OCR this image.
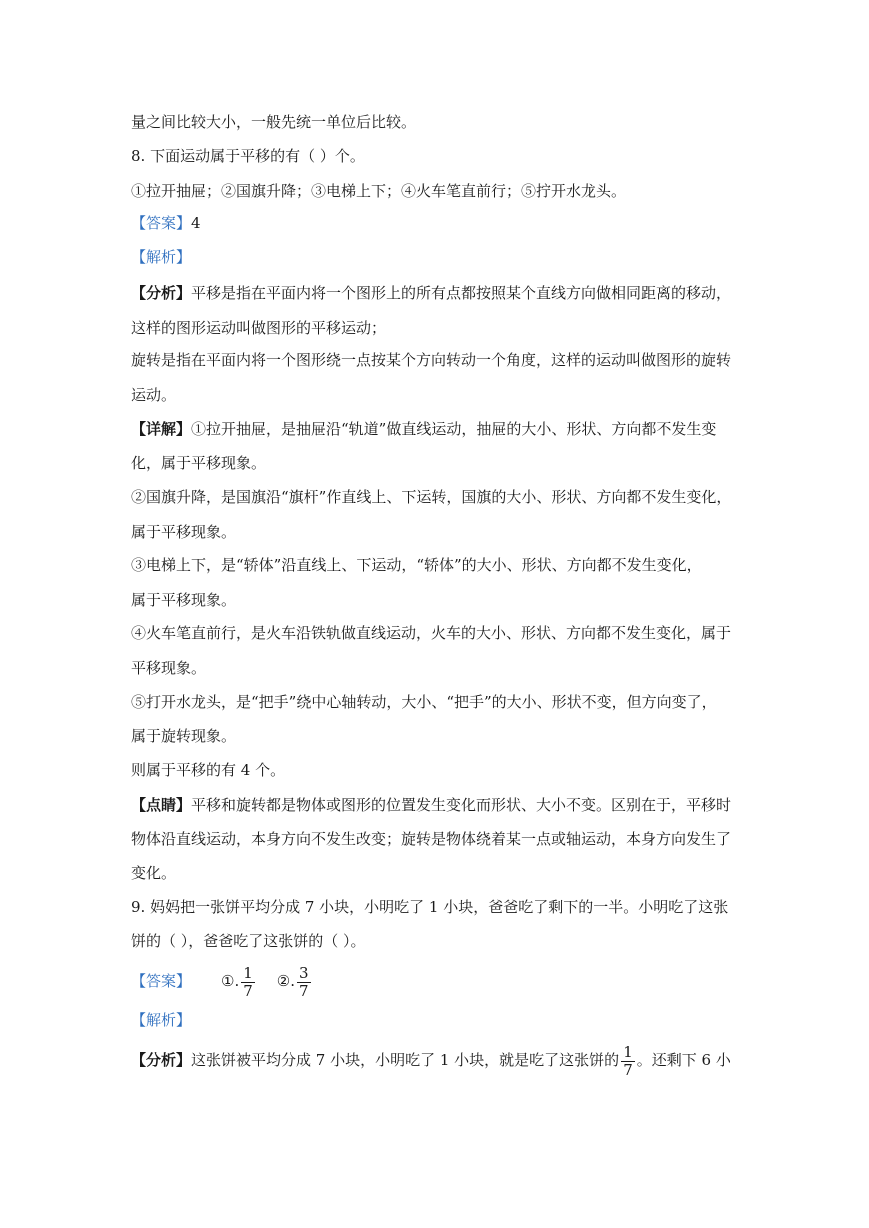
量之间比较大小，一般先统一单位后比较。
8. 下面运动属于平移的有（ ）个。
①拉开抽屉；②国旗升降；③电梯上下；④火车笔直前行；⑤拧开水龙头。
【答案】4
【解析】
【分析】平移是指在平面内将一个图形上的所有点都按照某个直线方向做相同距离的移动，
这样的图形运动叫做图形的平移运动；
旋转是指在平面内将一个图形绕一点按某个方向转动一个角度，这样的运动叫做图形的旋转
运动。
【详解】①拉开抽屉，是抽屉沿“轨道”做直线运动，抽屉的大小、形状、方向都不发生变
化，属于平移现象。
②国旗升降，是国旗沿“旗杆”作直线上、下运转，国旗的大小、形状、方向都不发生变化，
属于平移现象。
③电梯上下，是“轿体”沿直线上、下运动，“轿体”的大小、形状、方向都不发生变化，
属于平移现象。
④火车笔直前行，是火车沿铁轨做直线运动，火车的大小、形状、方向都不发生变化，属于
平移现象。
⑤打开水龙头，是“把手”绕中心轴转动，大小、“把手”的大小、形状不变，但方向变了，
属于旋转现象。
则属于平移的有 4 个。
【点睛】平移和旋转都是物体或图形的位置发生变化而形状、大小不变。区别在于，平移时
物体沿直线运动，本身方向不发生改变；旋转是物体绕着某一点或轴运动，本身方向发生了
变化。
9. 妈妈把一张饼平均分成 7 小块，小明吃了 1 小块，爸爸吃了剩下的一半。小明吃了这张
饼的（ ），爸爸吃了这张饼的（ ）。
【答案】 ①. $\frac{1}{7}$ ②. $\frac{3}{7}$
【解析】
【分析】这张饼被平均分成 7 小块，小明吃了 1 小块，就是吃了这张饼的 $\frac{1}{7}$ 。还剩下 6 小
